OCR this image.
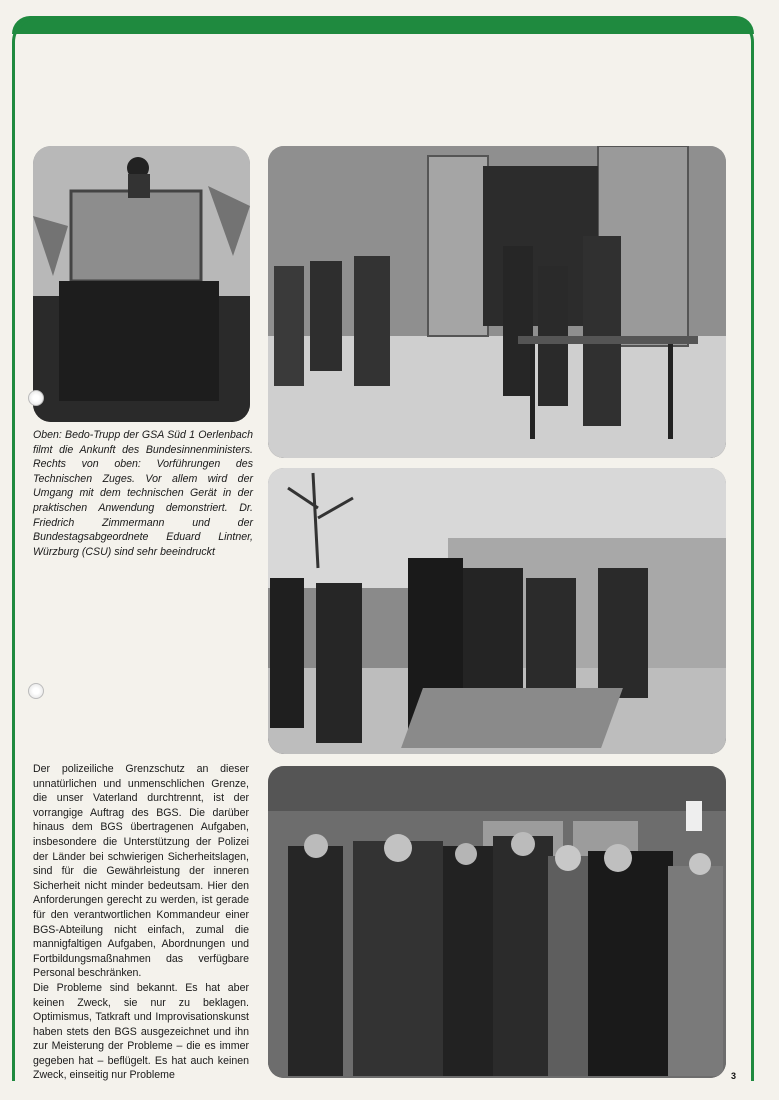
Oben: Bedo-Trupp der GSA Süd 1 Oerlenbach filmt die Ankunft des Bundesinnenministers. Rechts von oben: Vorführungen des Technischen Zuges. Vor allem wird der Umgang mit dem technischen Gerät in der praktischen Anwendung demonstriert. Dr. Friedrich Zimmermann und der Bundestagsabgeordnete Eduard Lintner, Würzburg (CSU) sind sehr beeindruckt

Der polizeiliche Grenzschutz an dieser unnatürlichen und unmenschlichen Grenze, die unser Vaterland durchtrennt, ist der vorrangige Auftrag des BGS. Die darüber hinaus dem BGS übertragenen Aufgaben, insbesondere die Unterstützung der Polizei der Länder bei schwierigen Sicherheitslagen, sind für die Gewährleistung der inneren Sicherheit nicht minder bedeutsam. Hier den Anforderungen gerecht zu werden, ist gerade für den verantwortlichen Kommandeur einer BGS-Abteilung nicht einfach, zumal die mannigfaltigen Aufgaben, Abordnungen und Fortbildungsmaßnahmen das verfügbare Personal beschränken.

Die Probleme sind bekannt. Es hat aber keinen Zweck, sie nur zu beklagen. Optimismus, Tatkraft und Improvisationskunst haben stets den BGS ausgezeichnet und ihn zur Meisterung der Probleme – die es immer gegeben hat – beflügelt. Es hat auch keinen Zweck, einseitig nur Probleme	3
